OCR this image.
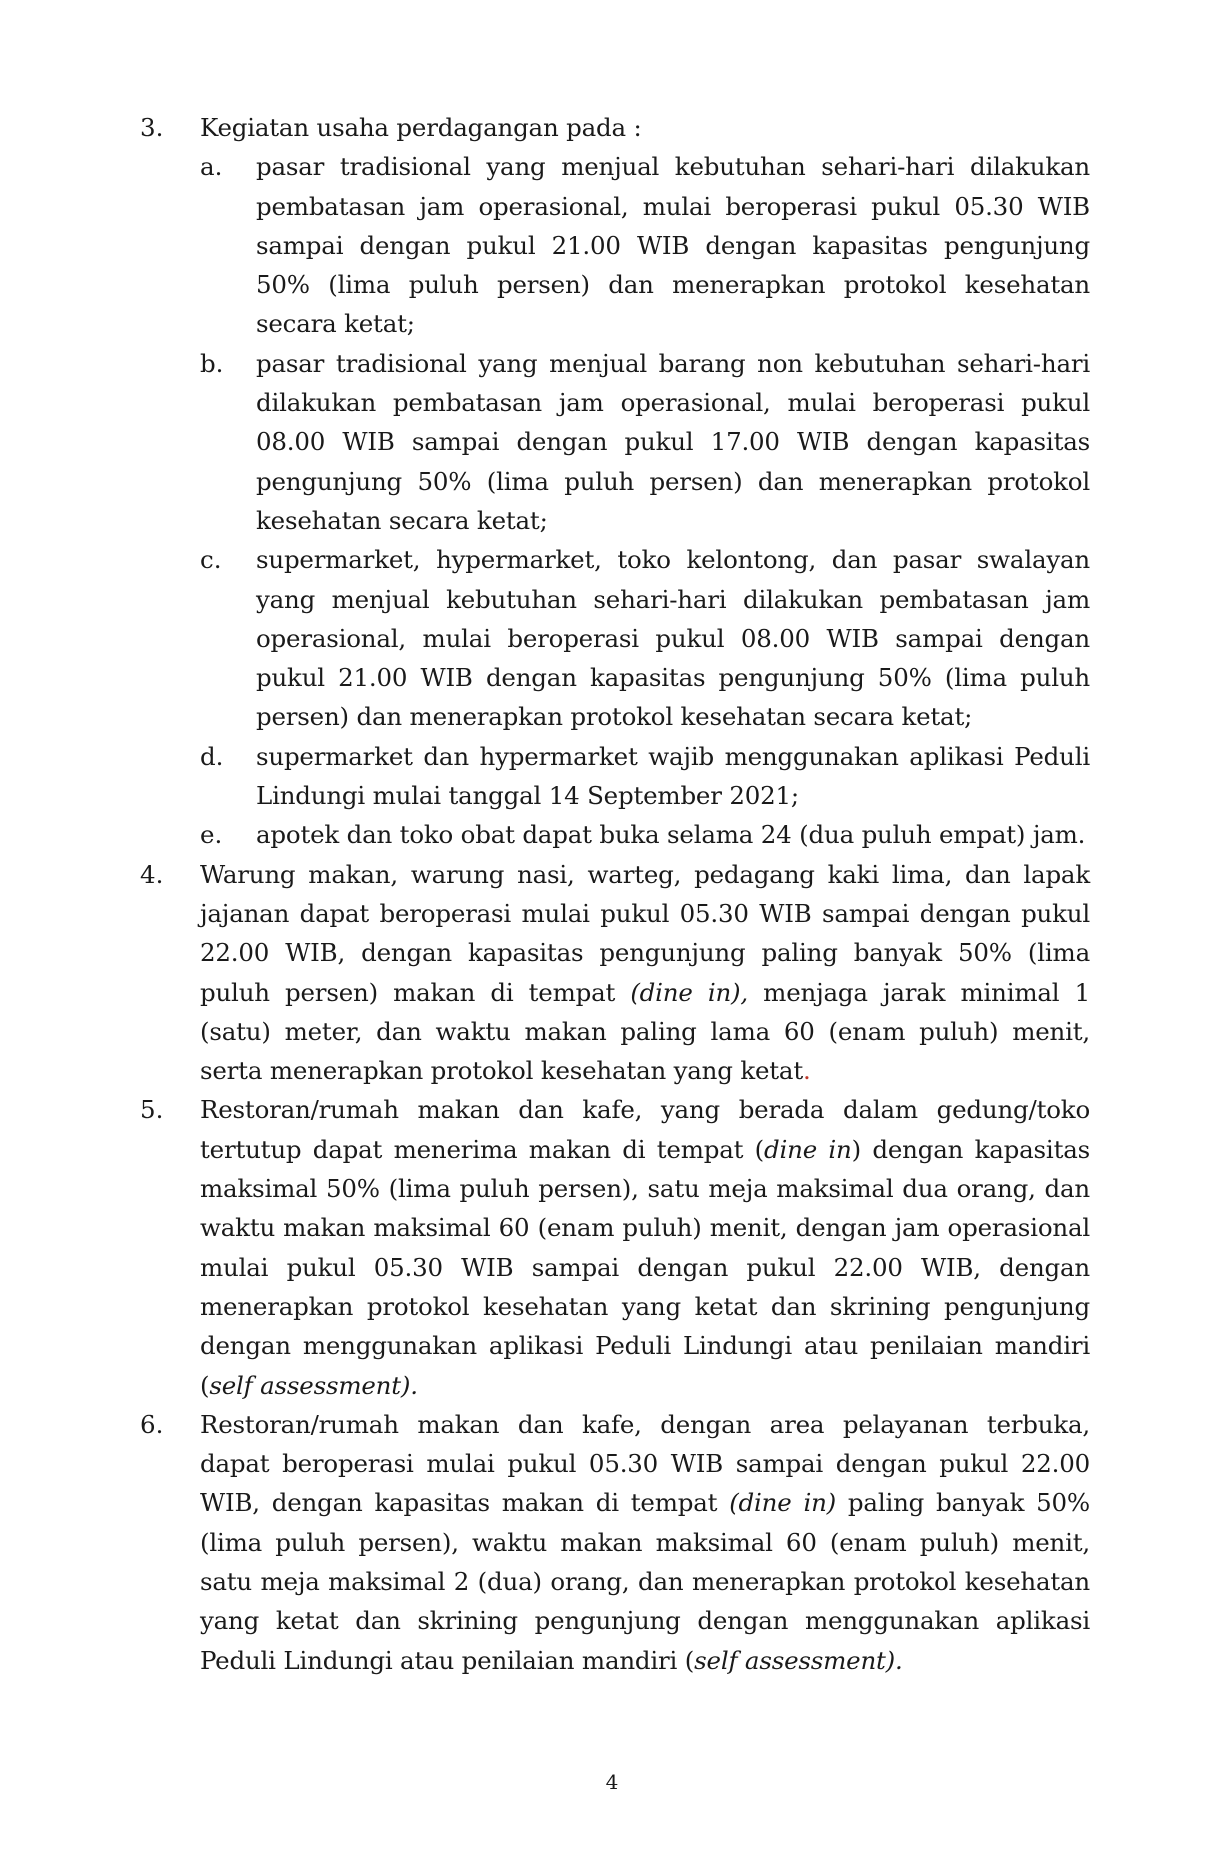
3.	Kegiatan usaha perdagangan pada :
a.	pasar tradisional yang menjual kebutuhan sehari-hari dilakukan pembatasan jam operasional, mulai beroperasi pukul 05.30 WIB sampai dengan pukul 21.00 WIB dengan kapasitas pengunjung 50% (lima puluh persen) dan menerapkan protokol kesehatan secara ketat;
b.	pasar tradisional yang menjual barang non kebutuhan sehari-hari dilakukan pembatasan jam operasional, mulai beroperasi pukul 08.00 WIB sampai dengan pukul 17.00 WIB dengan kapasitas pengunjung 50% (lima puluh persen) dan menerapkan protokol kesehatan secara ketat;
c.	supermarket, hypermarket, toko kelontong, dan pasar swalayan yang menjual kebutuhan sehari-hari dilakukan pembatasan jam operasional, mulai beroperasi pukul 08.00 WIB sampai dengan pukul 21.00 WIB dengan kapasitas pengunjung 50% (lima puluh persen) dan menerapkan protokol kesehatan secara ketat;
d.	supermarket dan hypermarket wajib menggunakan aplikasi Peduli Lindungi mulai tanggal 14 September 2021;
e.	apotek dan toko obat dapat buka selama 24 (dua puluh empat) jam.
4.	Warung makan, warung nasi, warteg, pedagang kaki lima, dan lapak jajanan dapat beroperasi mulai pukul 05.30 WIB sampai dengan pukul 22.00 WIB, dengan kapasitas pengunjung paling banyak 50% (lima puluh persen) makan di tempat (dine in), menjaga jarak minimal 1 (satu) meter, dan waktu makan paling lama 60 (enam puluh) menit, serta menerapkan protokol kesehatan yang ketat.
5.	Restoran/rumah makan dan kafe, yang berada dalam gedung/toko tertutup dapat menerima makan di tempat (dine in) dengan kapasitas maksimal 50% (lima puluh persen), satu meja maksimal dua orang, dan waktu makan maksimal 60 (enam puluh) menit, dengan jam operasional mulai pukul 05.30 WIB sampai dengan pukul 22.00 WIB, dengan menerapkan protokol kesehatan yang ketat dan skrining pengunjung dengan menggunakan aplikasi Peduli Lindungi atau penilaian mandiri (self assessment).
6.	Restoran/rumah makan dan kafe, dengan area pelayanan terbuka, dapat beroperasi mulai pukul 05.30 WIB sampai dengan pukul 22.00 WIB, dengan kapasitas makan di tempat (dine in) paling banyak 50% (lima puluh persen), waktu makan maksimal 60 (enam puluh) menit, satu meja maksimal 2 (dua) orang, dan menerapkan protokol kesehatan yang ketat dan skrining pengunjung dengan menggunakan aplikasi Peduli Lindungi atau penilaian mandiri (self assessment).
4
